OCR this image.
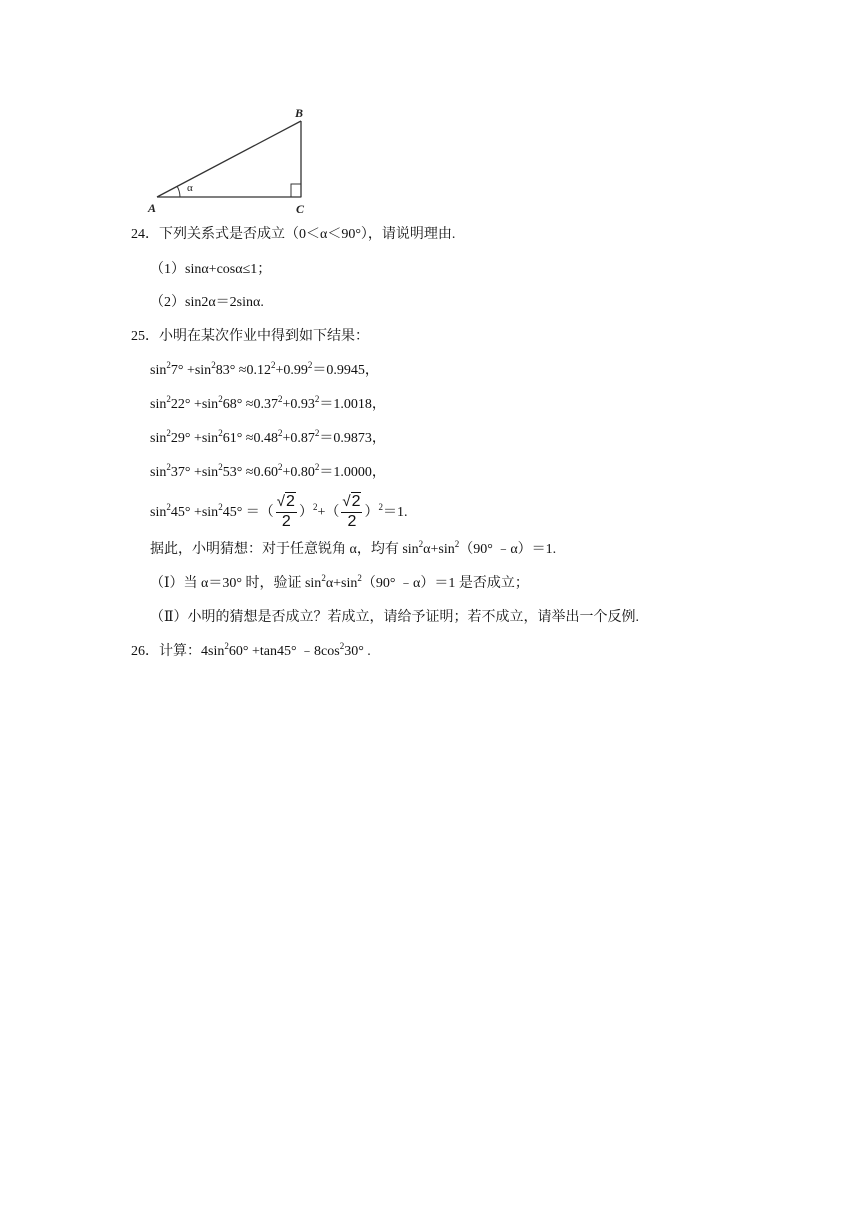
α
B
A	C
24．下列关系式是否成立（0＜α＜90°），请说明理由.
（1）sinα+cosα≤1；
（2）sin2α＝2sinα.
25．小明在某次作业中得到如下结果：
$\sin^27^\circ +\sin^283^\circ \approx 0.12^2+0.99^2=0.9945$，
$\sin^222^\circ +\sin^268^\circ \approx 0.37^2+0.93^2=1.0018$，
$\sin^229^\circ +\sin^261^\circ \approx 0.48^2+0.87^2=0.9873$，
$\sin^237^\circ +\sin^253^\circ \approx 0.60^2+0.80^2=1.0000$，
$\sin^245^\circ +\sin^245^\circ$ ＝（ $\frac{√2}{2} )^2+( \frac{√2}{2} )^2=1$.
据此，小明猜想：对于任意锐角 α，均有 $\sin^2\alpha+\sin^2(90^\circ$ ﹣α）＝1.
（Ⅰ）当 α＝30° 时，验证 $\sin^2\alpha+\sin^2(90^\circ$ ﹣α）＝1 是否成立；
（Ⅱ）小明的猜想是否成立？若成立，请给予证明；若不成立，请举出一个反例.
26．计算：$4\sin^260^\circ +\tan 45^\circ$ $﹣8\cos^230^\circ$ .
